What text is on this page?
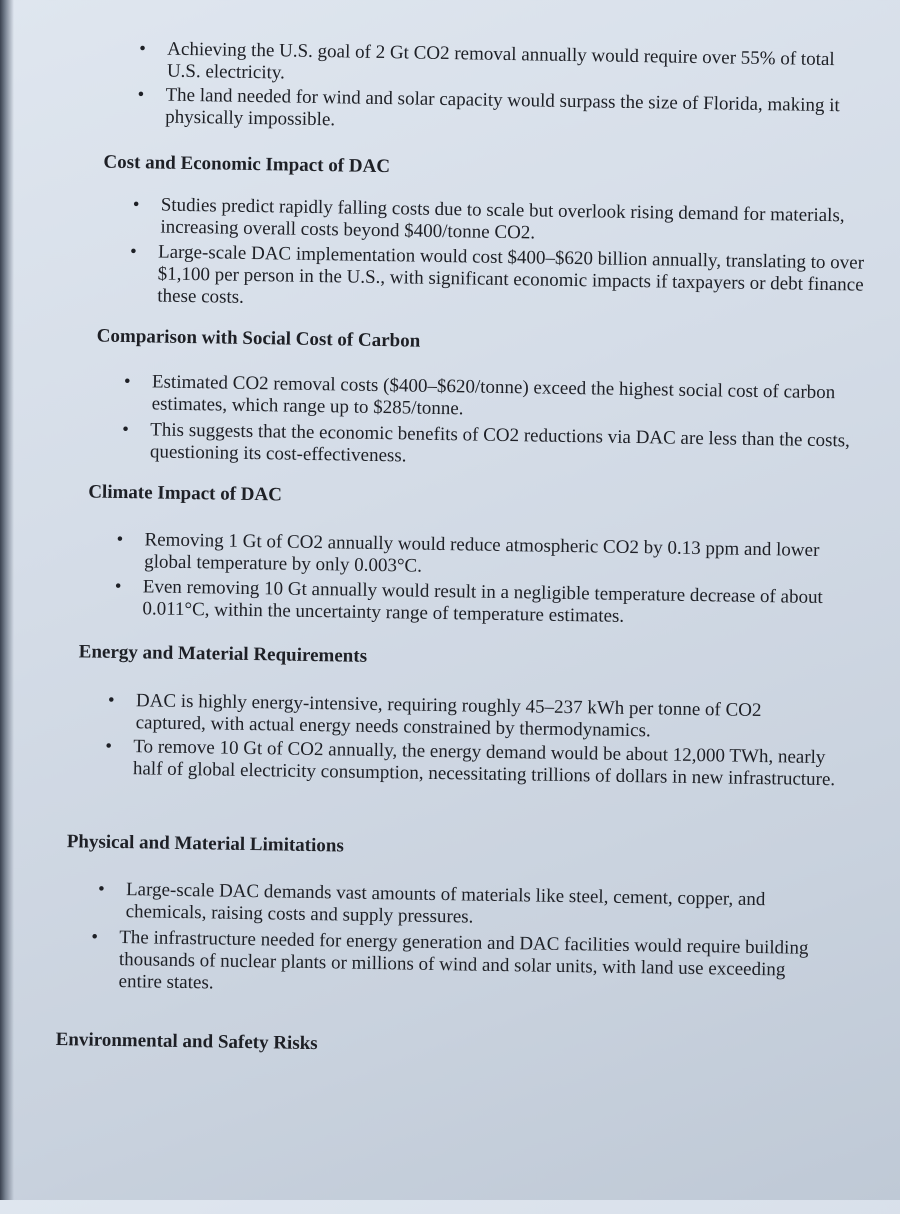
• Achieving the U.S. goal of 2 Gt CO2 removal annually would require over 55% of total U.S. electricity.
• The land needed for wind and solar capacity would surpass the size of Florida, making it physically impossible.
Cost and Economic Impact of DAC
• Studies predict rapidly falling costs due to scale but overlook rising demand for materials, increasing overall costs beyond $400/tonne CO2.
• Large-scale DAC implementation would cost $400–$620 billion annually, translating to over $1,100 per person in the U.S., with significant economic impacts if taxpayers or debt finance these costs.
Comparison with Social Cost of Carbon
• Estimated CO2 removal costs ($400–$620/tonne) exceed the highest social cost of carbon estimates, which range up to $285/tonne.
• This suggests that the economic benefits of CO2 reductions via DAC are less than the costs, questioning its cost-effectiveness.
Climate Impact of DAC
• Removing 1 Gt of CO2 annually would reduce atmospheric CO2 by 0.13 ppm and lower global temperature by only 0.003°C.
• Even removing 10 Gt annually would result in a negligible temperature decrease of about 0.011°C, within the uncertainty range of temperature estimates.
Energy and Material Requirements
• DAC is highly energy-intensive, requiring roughly 45–237 kWh per tonne of CO2 captured, with actual energy needs constrained by thermodynamics.
• To remove 10 Gt of CO2 annually, the energy demand would be about 12,000 TWh, nearly half of global electricity consumption, necessitating trillions of dollars in new infrastructure.
Physical and Material Limitations
• Large-scale DAC demands vast amounts of materials like steel, cement, copper, and chemicals, raising costs and supply pressures.
• The infrastructure needed for energy generation and DAC facilities would require building thousands of nuclear plants or millions of wind and solar units, with land use exceeding entire states.
Environmental and Safety Risks
